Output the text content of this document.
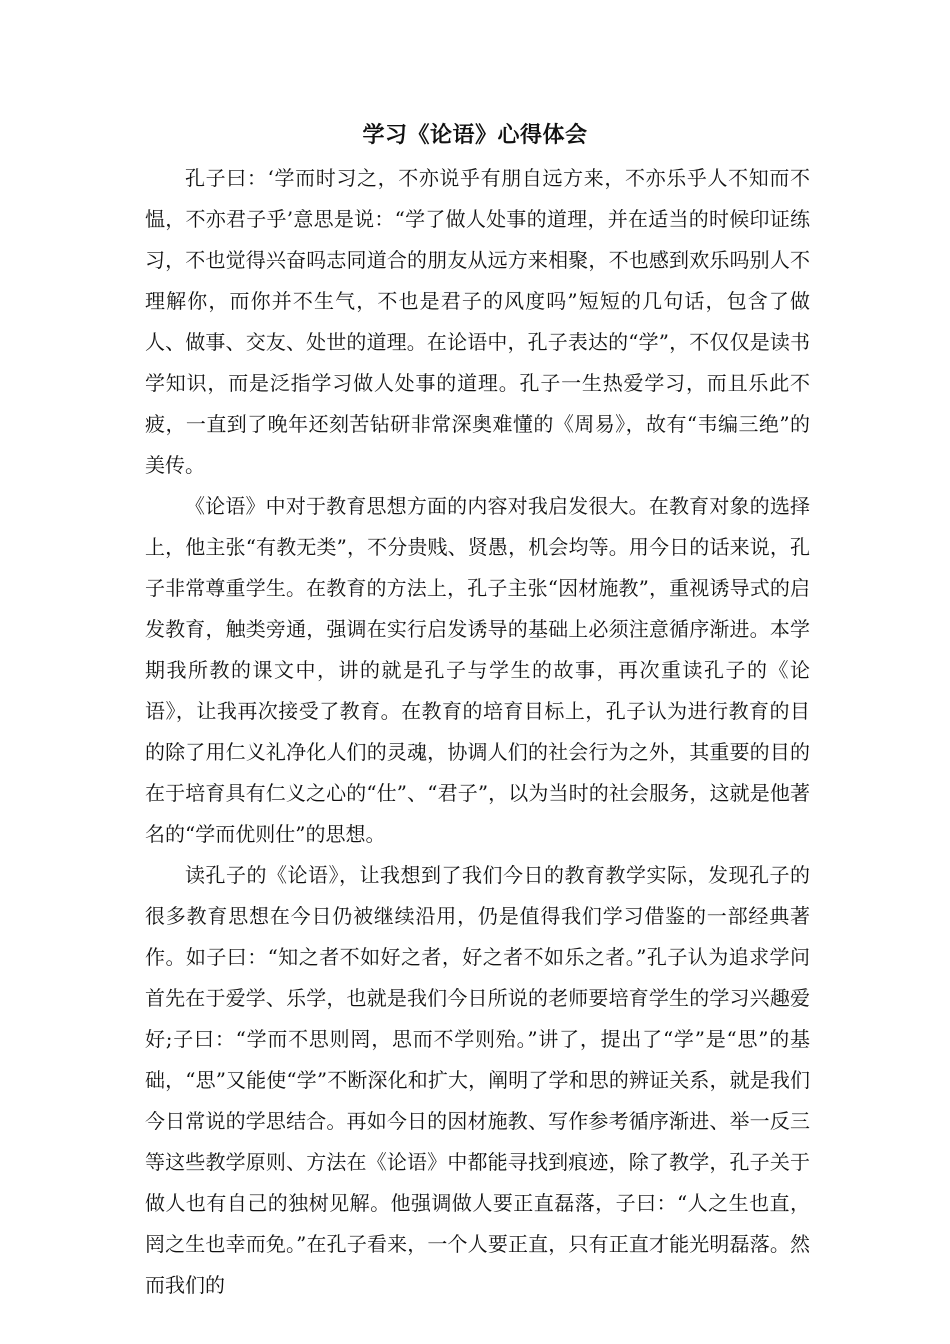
学习《论语》心得体会

孔子曰：‘学而时习之，不亦说乎有朋自远方来，不亦乐乎人不知而不愠，不亦君子乎’意思是说：“学了做人处事的道理，并在适当的时候印证练习，不也觉得兴奋吗志同道合的朋友从远方来相聚，不也感到欢乐吗别人不理解你，而你并不生气，不也是君子的风度吗”短短的几句话，包含了做人、做事、交友、处世的道理。在论语中，孔子表达的“学”，不仅仅是读书学知识，而是泛指学习做人处事的道理。孔子一生热爱学习，而且乐此不疲，一直到了晚年还刻苦钻研非常深奥难懂的《周易》，故有“韦编三绝”的美传。

《论语》中对于教育思想方面的内容对我启发很大。在教育对象的选择上，他主张“有教无类”，不分贵贱、贤愚，机会均等。用今日的话来说，孔子非常尊重学生。在教育的方法上，孔子主张“因材施教”，重视诱导式的启发教育，触类旁通，强调在实行启发诱导的基础上必须注意循序渐进。本学期我所教的课文中，讲的就是孔子与学生的故事，再次重读孔子的《论语》，让我再次接受了教育。在教育的培育目标上，孔子认为进行教育的目的除了用仁义礼净化人们的灵魂，协调人们的社会行为之外，其重要的目的在于培育具有仁义之心的“仕”、“君子”，以为当时的社会服务，这就是他著名的“学而优则仕”的思想。

读孔子的《论语》，让我想到了我们今日的教育教学实际，发现孔子的很多教育思想在今日仍被继续沿用，仍是值得我们学习借鉴的一部经典著作。如子曰：“知之者不如好之者，好之者不如乐之者。”孔子认为追求学问首先在于爱学、乐学，也就是我们今日所说的老师要培育学生的学习兴趣爱好;子曰：“学而不思则罔，思而不学则殆。”讲了，提出了“学”是“思”的基础，“思”又能使“学”不断深化和扩大，阐明了学和思的辨证关系，就是我们今日常说的学思结合。再如今日的因材施教、写作参考循序渐进、举一反三等这些教学原则、方法在《论语》中都能寻找到痕迹，除了教学，孔子关于做人也有自己的独树见解。他强调做人要正直磊落，子曰：“人之生也直，罔之生也幸而免。”在孔子看来，一个人要正直，只有正直才能光明磊落。然而我们的
